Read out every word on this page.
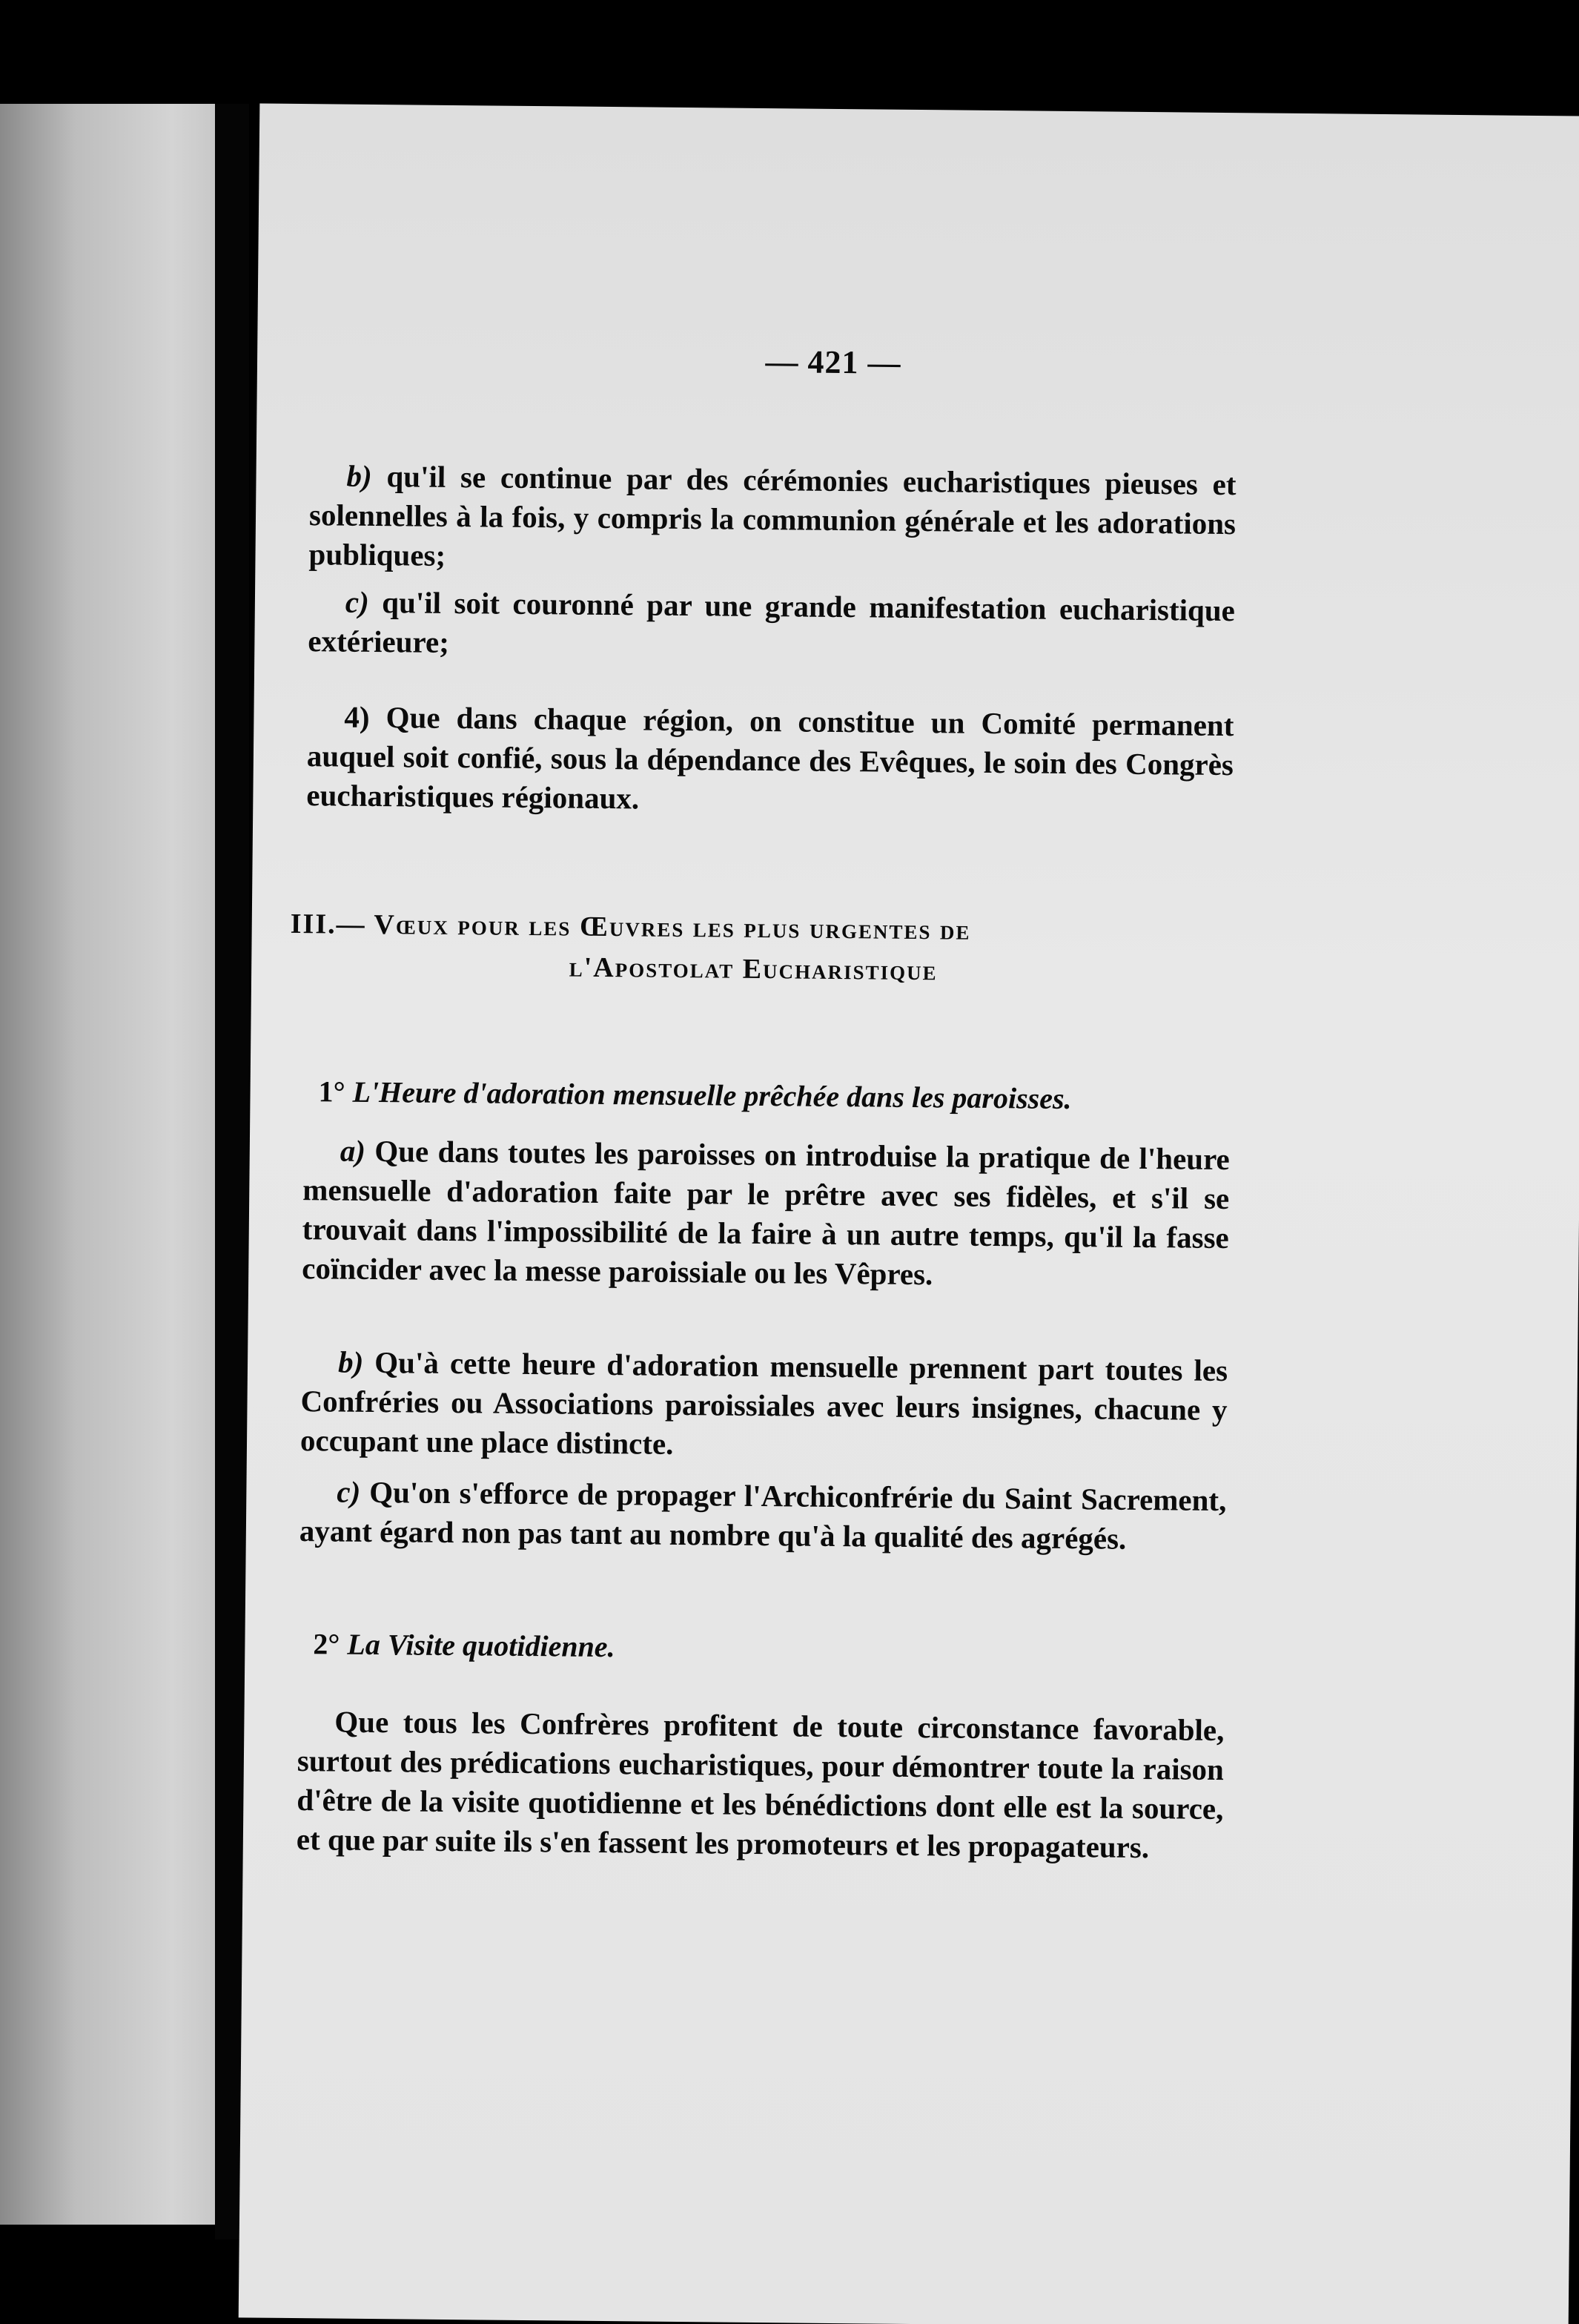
— 421 —

b) qu'il se continue par des cérémonies eucharistiques pieuses et solennelles à la fois, y compris la communion générale et les adorations publiques;

c) qu'il soit couronné par une grande manifestation eucharistique extérieure;

4) Que dans chaque région, on constitue un Comité permanent auquel soit confié, sous la dépendance des Evêques, le soin des Congrès eucharistiques régionaux.

III.— Vœux pour les Œuvres les plus urgentes de
l'Apostolat Eucharistique
1° L'Heure d'adoration mensuelle prêchée dans les paroisses.

a) Que dans toutes les paroisses on introduise la pratique de l'heure mensuelle d'adoration faite par le prêtre avec ses fidèles, et s'il se trouvait dans l'impossibilité de la faire à un autre temps, qu'il la fasse coïncider avec la messe paroissiale ou les Vêpres.

b) Qu'à cette heure d'adoration mensuelle prennent part toutes les Confréries ou Associations paroissiales avec leurs insignes, chacune y occupant une place distincte.

c) Qu'on s'efforce de propager l'Archiconfrérie du Saint Sacrement, ayant égard non pas tant au nombre qu'à la qualité des agrégés.

2° La Visite quotidienne.

Que tous les Confrères profitent de toute circonstance favorable, surtout des prédications eucharistiques, pour démontrer toute la raison d'être de la visite quotidienne et les bénédictions dont elle est la source, et que par suite ils s'en fassent les promoteurs et les propagateurs.
